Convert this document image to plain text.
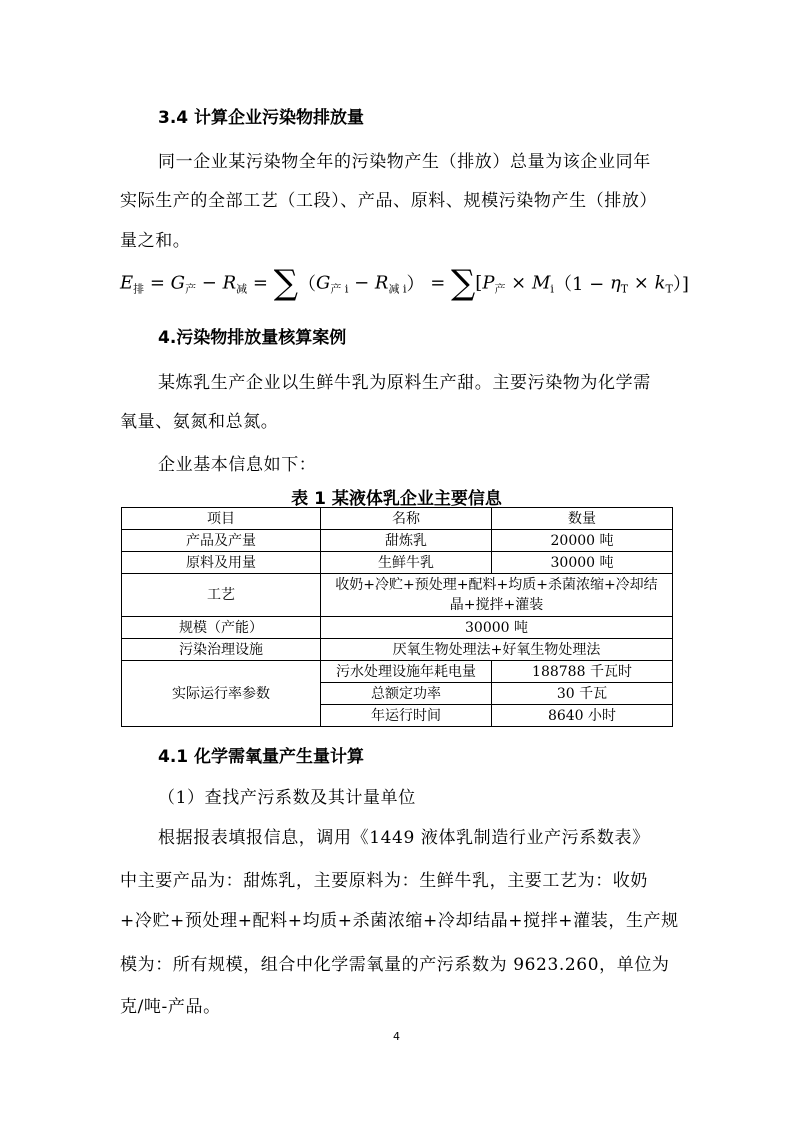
3.4 计算企业污染物排放量
同一企业某污染物全年的污染物产生（排放）总量为该企业同年
实际生产的全部工艺（工段）、产品、原料、规模污染物产生（排放）
量之和。
$E_排 = G_产 - R_减 = \sum(G_{产 i} - R_{减 i}) = \sum[P_产 \times M_i(1 - \eta_T \times k_T)]$
4.污染物排放量核算案例
某炼乳生产企业以生鲜牛乳为原料生产甜。主要污染物为化学需
氧量、氨氮和总氮。
企业基本信息如下：
表 1 某液体乳企业主要信息
项目	名称	数量
产品及产量	甜炼乳	20000 吨
原料及用量	生鲜牛乳	30000 吨
工艺	收奶+冷贮+预处理+配料+均质+杀菌浓缩+冷却结
晶+搅拌+灌装	

规模（产能）	30000 吨	
污染治理设施	厌氧生物处理法+好氧生物处理法	
实际运行率参数	污水处理设施年耗电量	188788 千瓦时
	总额定功率	30 千瓦
	年运行时间	8640 小时
4.1 化学需氧量产生量计算
（1）查找产污系数及其计量单位
根据报表填报信息，调用《1449 液体乳制造行业产污系数表》
中主要产品为：甜炼乳，主要原料为：生鲜牛乳，主要工艺为：收奶
+冷贮+预处理+配料+均质+杀菌浓缩+冷却结晶+搅拌+灌装，生产规
模为：所有规模，组合中化学需氧量的产污系数为 9623.260，单位为
克/吨-产品。
4
